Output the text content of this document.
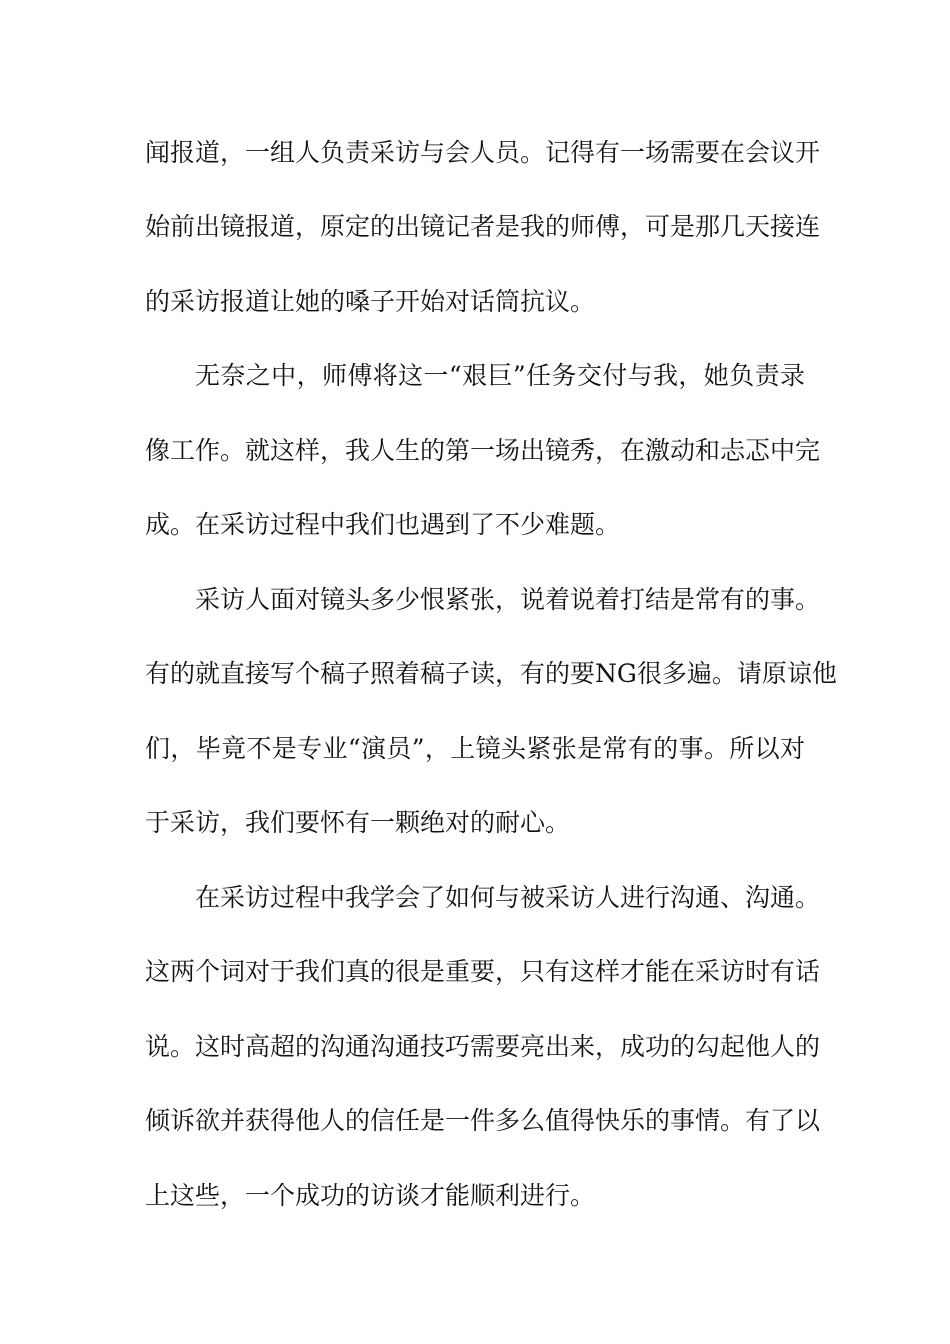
闻报道，一组人负责采访与会人员。记得有一场需要在会议开
始前出镜报道，原定的出镜记者是我的师傅，可是那几天接连
的采访报道让她的嗓子开始对话筒抗议。
无奈之中，师傅将这一“艰巨”任务交付与我，她负责录
像工作。就这样，我人生的第一场出镜秀，在激动和忐忑中完
成。在采访过程中我们也遇到了不少难题。
采访人面对镜头多少恨紧张，说着说着打结是常有的事。
有的就直接写个稿子照着稿子读，有的要NG很多遍。请原谅他
们，毕竟不是专业“演员”，上镜头紧张是常有的事。所以对
于采访，我们要怀有一颗绝对的耐心。
在采访过程中我学会了如何与被采访人进行沟通、沟通。
这两个词对于我们真的很是重要，只有这样才能在采访时有话
说。这时高超的沟通沟通技巧需要亮出来，成功的勾起他人的
倾诉欲并获得他人的信任是一件多么值得快乐的事情。有了以
上这些，一个成功的访谈才能顺利进行。
